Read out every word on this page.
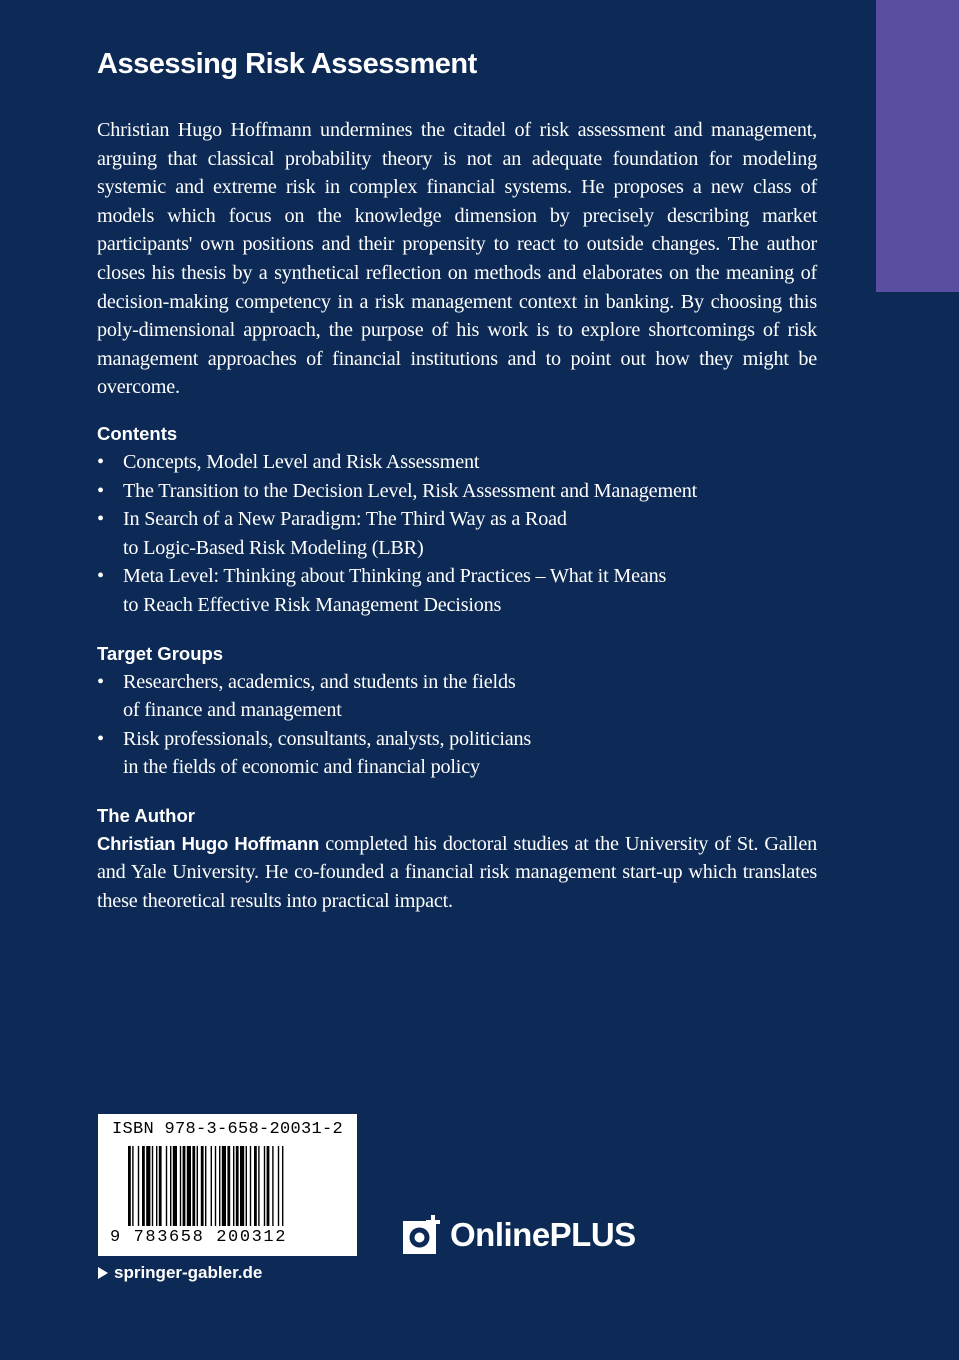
Assessing Risk Assessment

Christian Hugo Hoffmann undermines the citadel of risk assessment and management, arguing that classical probability theory is not an adequate foundation for modeling systemic and extreme risk in complex financial systems. He proposes a new class of models which focus on the knowledge dimension by precisely describing market participants' own positions and their propensity to react to outside changes. The author closes his thesis by a synthetical reflection on methods and elaborates on the meaning of decision-making competency in a risk management context in banking. By choosing this poly-dimensional approach, the purpose of his work is to explore shortcomings of risk management approaches of financial institutions and to point out how they might be overcome.

Contents
• Concepts, Model Level and Risk Assessment
• The Transition to the Decision Level, Risk Assessment and Management
• In Search of a New Paradigm: The Third Way as a Road
to Logic-Based Risk Modeling (LBR)
• Meta Level: Thinking about Thinking and Practices – What it Means
to Reach Effective Risk Management Decisions
Target Groups
• Researchers, academics, and students in the fields
of finance and management
• Risk professionals, consultants, analysts, politicians
in the fields of economic and financial policy
The Author

Christian Hugo Hoffmann completed his doctoral studies at the University of St. Gallen and Yale University. He co-founded a financial risk management start-up which translates these theoretical results into practical impact.

ISBN 978-3-658-20031-2
9 783658 200312
springer-gabler.de
OnlinePLUS
